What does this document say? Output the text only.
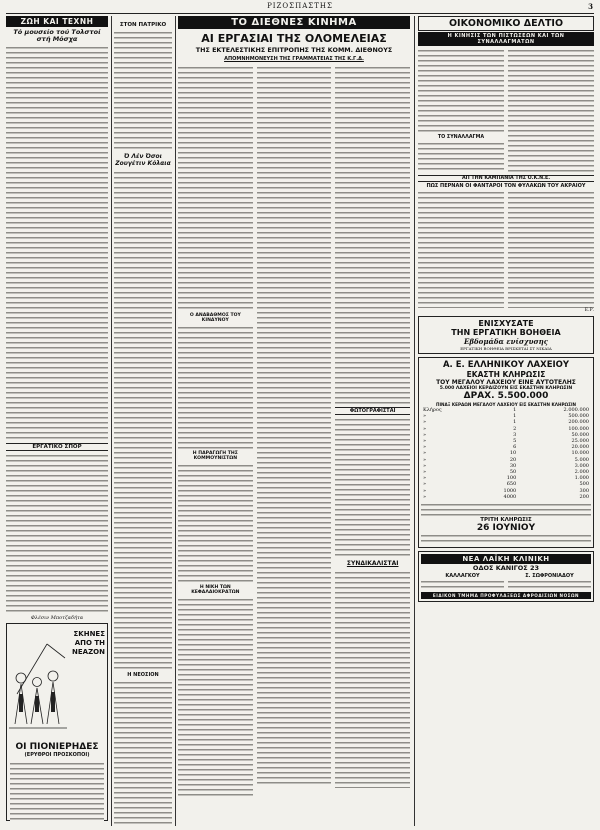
ΡΙΖΟΣΠΑΣΤΗΣ	3
ΖΩΗ ΚΑΙ ΤΕΧΝΗ
Τό μουσείο τού Τολστοί στή Μόσχα
ΕΡΓΑΤΙΚΟ ΣΠΟΡ
Φλέσιν Μποτζαδήτα
ΣΚΗΝΕΣ
ΑΠΟ ΤΗ
ΝΕΑΖΟΝ
ΟΙ ΠΙΟΝΙΕΡΗΔΕΣ
(ΕΡΥΘΡΟΙ ΠΡΟΣΚΟΠΟΙ)
ΣΤΟΝ ΠΑΤΡΙΚΟ
Ό Λέν Όσοι Ζουγέτιν Κόλαια
Η ΝΕΟΣΙΟΝ
ΤΟ ΔΙΕΘΝΕΣ ΚΙΝΗΜΑ
ΑΙ ΕΡΓΑΣΙΑΙ ΤΗΣ ΟΛΟΜΕΛΕΙΑΣ
ΤΗΣ ΕΚΤΕΛΕΣΤΙΚΗΣ ΕΠΙΤΡΟΠΗΣ ΤΗΣ ΚΟΜΜ. ΔΙΕΘΝΟΥΣ
ΑΠΟΜΝΗΜΟΝΕΥΣΗ ΤΗΣ ΓΡΑΜΜΑΤΕΙΑΣ ΤΗΣ Κ.Γ.Δ.
Ο ΑΝΑΒΑΘΜΟΣ ΤΟΥ ΚΙΝΔΥΝΟΥ
Η ΠΑΡΑΓΩΓΗ ΤΗΣ ΚΟΜΜΟΥΝΙΣΤΩΝ
Η ΝΙΚΗ ΤΩΝ ΚΕΦΑΛΑΙΟΚΡΑΤΩΝ
ΦΩΤΟΓΡΑΦΙΣΤΑΙ
ΣΥΝΔΙΚΑΛΙΣΤΑΙ
ΟΙΚΟΝΟΜΙΚΟ ΔΕΛΤΙΟ
Η ΚΙΝΗΣΙΣ ΤΩΝ ΠΙΣΤΩΣΕΩΝ ΚΑΙ ΤΩΝ ΣΥΝΑΛΛΑΓΜΑΤΩΝ
ΤΟ ΣΥΝΑΛΛΑΓΜΑ
ΑΠ ΤΗΝ ΚΑΜΠΑΝΙΑ ΤΗΣ Ο.Κ.Ν.Ε.
ΠΩΣ ΠΕΡΝΑΝ ΟΙ ΦΑΝΤΑΡΟΙ ΤΟΝ ΦΥΛΑΚΩΝ ΤΟΥ ΑΚΡΑΙΟΥ
Ε.Ρ.
ΕΝΙΣΧΥΣΑΤΕ
ΤΗΝ ΕΡΓΑΤΙΚΗ ΒΟΗΘΕΙΑ
Εβδομάδα ενίσχυσης
ΕΡΓΑΤΙΚΗ ΒΟΗΘΕΙΑ ΒΡΙΣΚΕΤΑΙ ΣΤ ΝΙΚΑΙΑ
Α. Ε. ΕΛΛΗΝΙΚΟΥ ΛΑΧΕΙΟΥ
ΕΚΑΣΤΗ ΚΛΗΡΩΣΙΣ
ΤΟΥ ΜΕΓΑΛΟΥ ΛΑΧΕΙΟΥ ΕΙΝΕ ΑΥΤΟΤΕΛΗΣ
5.000 ΛΑΧΕΙΟΙ ΚΕΡΔΙΖΟΥΝ ΕΙΣ ΕΚΑΣΤΗΝ ΚΛΗΡΩΣΙΝ
ΔΡΑΧ. 5.500.000
ΠΙΝΑΞ ΚΕΡΔΩΝ ΜΕΓΑΛΟΥ ΛΑΧΕΙΟΥ ΕΙΣ ΕΚΑΣΤΗΝ ΚΛΗΡΩΣΙΝ
Κλήρος	1	2.000.000
»	1	500.000
»	1	200.000
»	2	100.000
»	3	50.000
»	5	25.000
»	6	20.000
»	10	10.000
»	20	5.000
»	30	3.000
»	50	2.000
»	100	1.000
»	650	500
»	1000	300
»	4000	200
ΤΡΙΤΗ ΚΛΗΡΩΣΙΣ
26 ΙΟΥΝΙΟΥ
ΝΕΑ ΛΑΪΚΗ ΚΛΙΝΙΚΗ
ΟΔΟΣ ΚΑΝΙΓΟΣ 23
ΚΑΛΛΑΓΚΟΥ	Σ. ΣΩΦΡΟΝΙΑΔΟΥ
ΕΙΔΙΚΟΝ ΤΜΗΜΑ ΠΡΟΦΥΛΑΞΕΩΣ ΑΦΡΟΔΙΣΙΩΝ ΝΟΣΩΝ
